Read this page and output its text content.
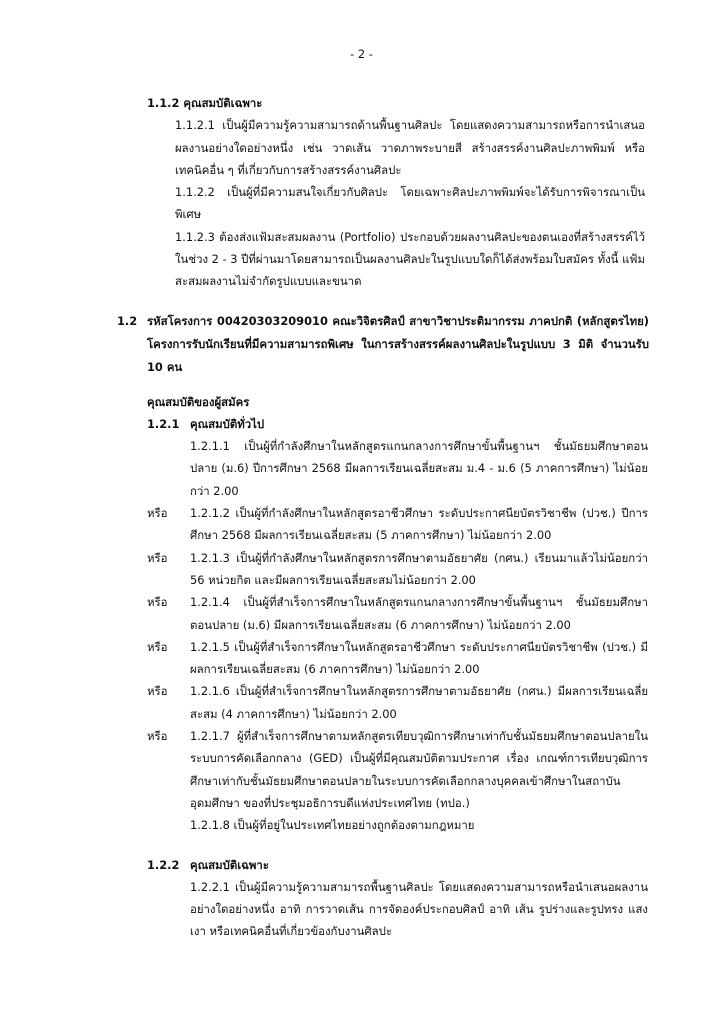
- 2 -
1.1.2 คุณสมบัติเฉพาะ
1.1.2.1 เป็นผู้มีความรู้ความสามารถด้านพื้นฐานศิลปะ โดยแสดงความสามารถหรือการนำเสนอผลงานอย่างใดอย่างหนึ่ง เช่น วาดเส้น วาดภาพระบายสี สร้างสรรค์งานศิลปะภาพพิมพ์ หรือเทคนิคอื่น ๆ ที่เกี่ยวกับการสร้างสรรค์งานศิลปะ
1.1.2.2 เป็นผู้ที่มีความสนใจเกี่ยวกับศิลปะ โดยเฉพาะศิลปะภาพพิมพ์จะได้รับการพิจารณาเป็นพิเศษ
1.1.2.3 ต้องส่งแฟ้มสะสมผลงาน (Portfolio) ประกอบด้วยผลงานศิลปะของตนเองที่สร้างสรรค์ไว้ในช่วง 2 - 3 ปีที่ผ่านมาโดยสามารถเป็นผลงานศิลปะในรูปแบบใดก็ได้ส่งพร้อมใบสมัคร ทั้งนี้ แฟ้มสะสมผลงานไม่จำกัดรูปแบบและขนาด
1.2 รหัสโครงการ 00420303209010 คณะวิจิตรศิลป์ สาขาวิชาประติมากรรม ภาคปกติ (หลักสูตรไทย) โครงการรับนักเรียนที่มีความสามารถพิเศษ ในการสร้างสรรค์ผลงานศิลปะในรูปแบบ 3 มิติ จำนวนรับ 10 คน
คุณสมบัติของผู้สมัคร
1.2.1 คุณสมบัติทั่วไป
1.2.1.1 เป็นผู้ที่กำลังศึกษาในหลักสูตรแกนกลางการศึกษาขั้นพื้นฐานฯ ชั้นมัธยมศึกษาตอนปลาย (ม.6) ปีการศึกษา 2568 มีผลการเรียนเฉลี่ยสะสม ม.4 - ม.6 (5 ภาคการศึกษา) ไม่น้อยกว่า 2.00
หรือ 1.2.1.2 เป็นผู้ที่กำลังศึกษาในหลักสูตรอาชีวศึกษา ระดับประกาศนียบัตรวิชาชีพ (ปวช.) ปีการศึกษา 2568 มีผลการเรียนเฉลี่ยสะสม (5 ภาคการศึกษา) ไม่น้อยกว่า 2.00
หรือ 1.2.1.3 เป็นผู้ที่กำลังศึกษาในหลักสูตรการศึกษาตามอัธยาศัย (กศน.) เรียนมาแล้วไม่น้อยกว่า 56 หน่วยกิต และมีผลการเรียนเฉลี่ยสะสมไม่น้อยกว่า 2.00
หรือ 1.2.1.4 เป็นผู้ที่สำเร็จการศึกษาในหลักสูตรแกนกลางการศึกษาขั้นพื้นฐานฯ ชั้นมัธยมศึกษาตอนปลาย (ม.6) มีผลการเรียนเฉลี่ยสะสม (6 ภาคการศึกษา) ไม่น้อยกว่า 2.00
หรือ 1.2.1.5 เป็นผู้ที่สำเร็จการศึกษาในหลักสูตรอาชีวศึกษา ระดับประกาศนียบัตรวิชาชีพ (ปวช.) มีผลการเรียนเฉลี่ยสะสม (6 ภาคการศึกษา) ไม่น้อยกว่า 2.00
หรือ 1.2.1.6 เป็นผู้ที่สำเร็จการศึกษาในหลักสูตรการศึกษาตามอัธยาศัย (กศน.) มีผลการเรียนเฉลี่ยสะสม (4 ภาคการศึกษา) ไม่น้อยกว่า 2.00
หรือ 1.2.1.7 ผู้ที่สำเร็จการศึกษาตามหลักสูตรเทียบวุฒิการศึกษาเท่ากับชั้นมัธยมศึกษาตอนปลายในระบบการคัดเลือกกลาง (GED) เป็นผู้ที่มีคุณสมบัติตามประกาศ เรื่อง เกณฑ์การเทียบวุฒิการศึกษาเท่ากับชั้นมัธยมศึกษาตอนปลายในระบบการคัดเลือกกลางบุคคลเข้าศึกษาในสถาบันอุดมศึกษา ของที่ประชุมอธิการบดีแห่งประเทศไทย (ทปอ.)
1.2.1.8 เป็นผู้ที่อยู่ในประเทศไทยอย่างถูกต้องตามกฎหมาย
1.2.2 คุณสมบัติเฉพาะ
1.2.2.1 เป็นผู้มีความรู้ความสามารถพื้นฐานศิลปะ โดยแสดงความสามารถหรือนำเสนอผลงานอย่างใดอย่างหนึ่ง อาทิ การวาดเส้น การจัดองค์ประกอบศิลป์ อาทิ เส้น รูปร่างและรูปทรง แสง เงา หรือเทคนิคอื่นที่เกี่ยวข้องกับงานศิลปะ
